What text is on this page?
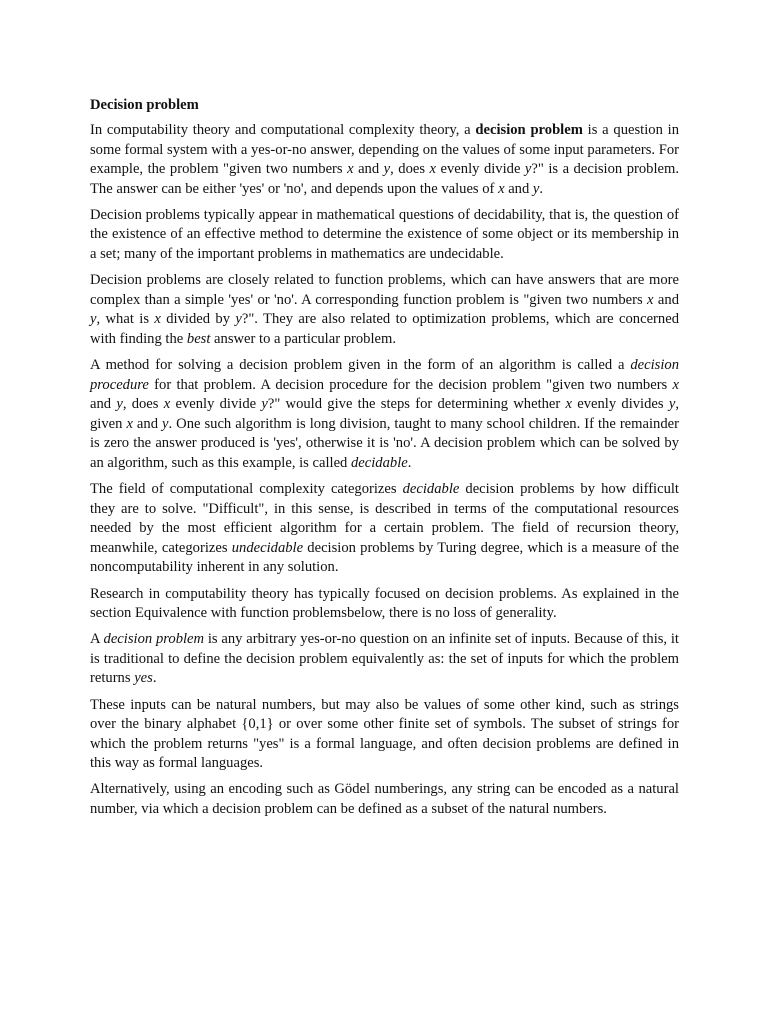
Decision problem

In computability theory and computational complexity theory, a decision problem is a question in some formal system with a yes-or-no answer, depending on the values of some input parameters. For example, the problem "given two numbers x and y, does x evenly divide y?" is a decision problem. The answer can be either 'yes' or 'no', and depends upon the values of x and y.

Decision problems typically appear in mathematical questions of decidability, that is, the question of the existence of an effective method to determine the existence of some object or its membership in a set; many of the important problems in mathematics are undecidable.

Decision problems are closely related to function problems, which can have answers that are more complex than a simple 'yes' or 'no'. A corresponding function problem is "given two numbers x and y, what is x divided by y?". They are also related to optimization problems, which are concerned with finding the best answer to a particular problem.

A method for solving a decision problem given in the form of an algorithm is called a decision procedure for that problem. A decision procedure for the decision problem "given two numbers x and y, does x evenly divide y?" would give the steps for determining whether x evenly divides y, given x and y. One such algorithm is long division, taught to many school children. If the remainder is zero the answer produced is 'yes', otherwise it is 'no'. A decision problem which can be solved by an algorithm, such as this example, is called decidable.

The field of computational complexity categorizes decidable decision problems by how difficult they are to solve. "Difficult", in this sense, is described in terms of the computational resources needed by the most efficient algorithm for a certain problem. The field of recursion theory, meanwhile, categorizes undecidable decision problems by Turing degree, which is a measure of the noncomputability inherent in any solution.

Research in computability theory has typically focused on decision problems. As explained in the section Equivalence with function problemsbelow, there is no loss of generality.

A decision problem is any arbitrary yes-or-no question on an infinite set of inputs. Because of this, it is traditional to define the decision problem equivalently as: the set of inputs for which the problem returns yes.

These inputs can be natural numbers, but may also be values of some other kind, such as strings over the binary alphabet {0,1} or over some other finite set of symbols. The subset of strings for which the problem returns "yes" is a formal language, and often decision problems are defined in this way as formal languages.

Alternatively, using an encoding such as Gödel numberings, any string can be encoded as a natural number, via which a decision problem can be defined as a subset of the natural numbers.
